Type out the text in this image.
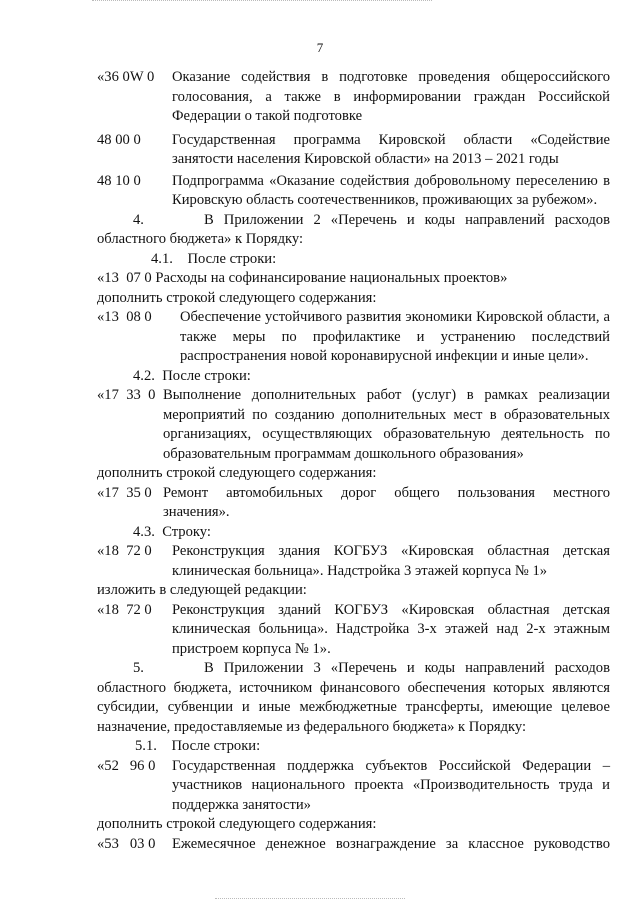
7
«36 0W 0	Оказание содействия в подготовке проведения общероссийского
голосования, а также в информировании граждан Российской
Федерации о такой подготовке
48 00 0	Государственная программа Кировской области «Содействие
занятости населения Кировской области» на 2013 – 2021 годы
48 10 0	Подпрограмма «Оказание содействия добровольному переселению в
Кировскую область соотечественников, проживающих за рубежом».
4.      В Приложении 2 «Перечень и коды направлений расходов
областного бюджета» к Порядку:
4.1.    После строки:
«13  07 0 Расходы на софинансирование национальных проектов»
дополнить строкой следующего содержания:
«13  08 0	Обеспечение устойчивого развития экономики Кировской области, а
также меры по профилактике и устранению последствий
распространения новой коронавирусной инфекции и иные цели».
4.2.  После строки:
«17  33  0 Выполнение дополнительных работ (услуг) в рамках реализации
мероприятий по созданию дополнительных мест в образовательных
организациях, осуществляющих образовательную деятельность по
образовательным программам дошкольного образования»
дополнить строкой следующего содержания:
«17  35 0 Ремонт автомобильных дорог общего пользования местного
значения».
4.3.  Строку:
«18  72 0	Реконструкция здания КОГБУЗ «Кировская областная детская
клиническая больница». Надстройка 3 этажей корпуса № 1»
изложить в следующей редакции:
«18  72 0	Реконструкция зданий КОГБУЗ «Кировская областная детская
клиническая больница». Надстройка 3-х этажей над 2-х этажным
пристроем корпуса № 1».
5.      В Приложении 3 «Перечень и коды направлений расходов
областного бюджета, источником финансового обеспечения которых являются
субсидии, субвенции и иные межбюджетные трансферты, имеющие целевое
назначение, предоставляемые из федерального бюджета» к Порядку:
5.1.    После строки:
«52   96 0	Государственная поддержка субъектов Российской Федерации –
участников национального проекта «Производительность труда и
поддержка занятости»
дополнить строкой следующего содержания:
«53   03 0	Ежемесячное денежное вознаграждение за классное руководство
